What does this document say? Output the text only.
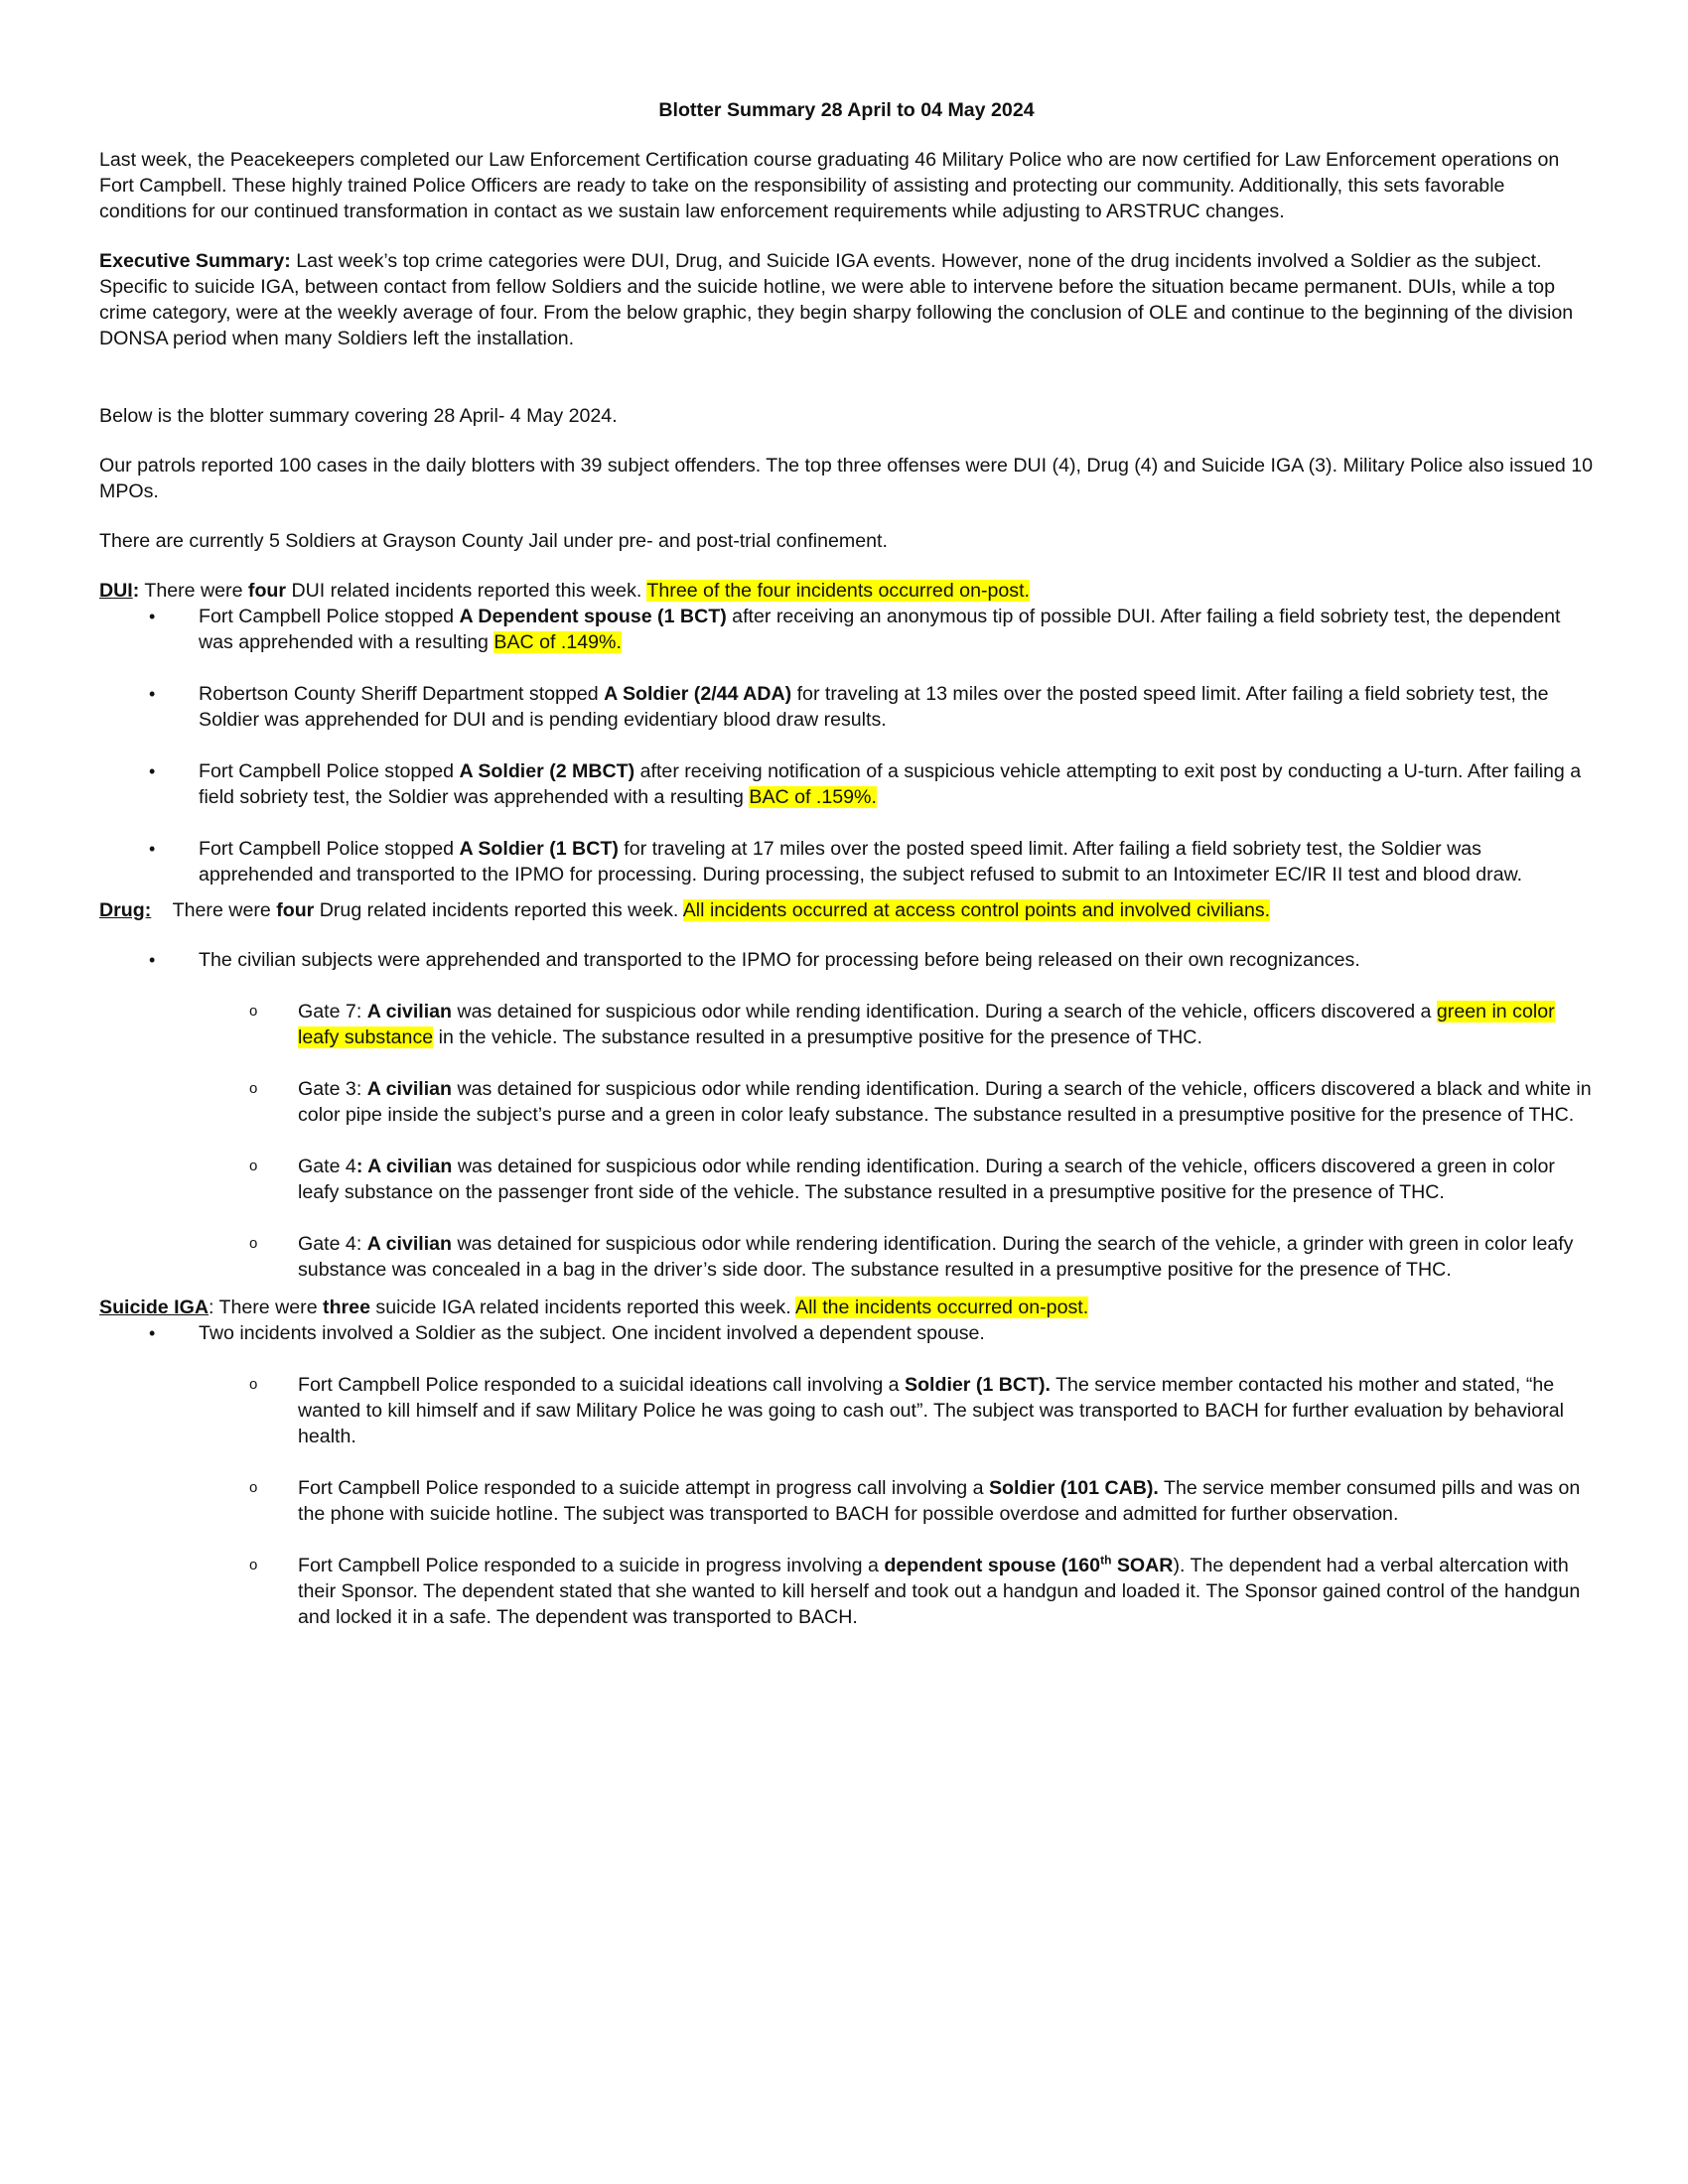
Blotter Summary 28 April to 04 May 2024

Last week, the Peacekeepers completed our Law Enforcement Certification course graduating 46 Military Police who are now certified for Law Enforcement operations on Fort Campbell. These highly trained Police Officers are ready to take on the responsibility of assisting and protecting our community. Additionally, this sets favorable conditions for our continued transformation in contact as we sustain law enforcement requirements while adjusting to ARSTRUC changes.

Executive Summary: Last week’s top crime categories were DUI, Drug, and Suicide IGA events. However, none of the drug incidents involved a Soldier as the subject. Specific to suicide IGA, between contact from fellow Soldiers and the suicide hotline, we were able to intervene before the situation became permanent. DUIs, while a top crime category, were at the weekly average of four. From the below graphic, they begin sharpy following the conclusion of OLE and continue to the beginning of the division DONSA period when many Soldiers left the installation.

Below is the blotter summary covering 28 April- 4 May 2024.

Our patrols reported 100 cases in the daily blotters with 39 subject offenders. The top three offenses were DUI (4), Drug (4) and Suicide IGA (3). Military Police also issued 10 MPOs.

There are currently 5 Soldiers at Grayson County Jail under pre- and post-trial confinement.

DUI: There were four DUI related incidents reported this week. Three of the four incidents occurred on-post.

• Fort Campbell Police stopped A Dependent spouse (1 BCT) after receiving an anonymous tip of possible DUI. After failing a field sobriety test, the dependent was apprehended with a resulting BAC of .149%.
• Robertson County Sheriff Department stopped A Soldier (2/44 ADA) for traveling at 13 miles over the posted speed limit. After failing a field sobriety test, the Soldier was apprehended for DUI and is pending evidentiary blood draw results.
• Fort Campbell Police stopped A Soldier (2 MBCT) after receiving notification of a suspicious vehicle attempting to exit post by conducting a U-turn. After failing a field sobriety test, the Soldier was apprehended with a resulting BAC of .159%.
• Fort Campbell Police stopped A Soldier (1 BCT) for traveling at 17 miles over the posted speed limit. After failing a field sobriety test, the Soldier was apprehended and transported to the IPMO for processing. During processing, the subject refused to submit to an Intoximeter EC/IR II test and blood draw.

Drug:    There were four Drug related incidents reported this week. All incidents occurred at access control points and involved civilians.

• The civilian subjects were apprehended and transported to the IPMO for processing before being released on their own recognizances.
o Gate 7: A civilian was detained for suspicious odor while rending identification. During a search of the vehicle, officers discovered a green in color leafy substance in the vehicle. The substance resulted in a presumptive positive for the presence of THC.
o Gate 3: A civilian was detained for suspicious odor while rending identification. During a search of the vehicle, officers discovered a black and white in color pipe inside the subject’s purse and a green in color leafy substance. The substance resulted in a presumptive positive for the presence of THC.
o Gate 4: A civilian was detained for suspicious odor while rending identification. During a search of the vehicle, officers discovered a green in color leafy substance on the passenger front side of the vehicle. The substance resulted in a presumptive positive for the presence of THC.
o Gate 4: A civilian was detained for suspicious odor while rendering identification. During the search of the vehicle, a grinder with green in color leafy substance was concealed in a bag in the driver’s side door. The substance resulted in a presumptive positive for the presence of THC.

Suicide IGA: There were three suicide IGA related incidents reported this week. All the incidents occurred on-post.

• Two incidents involved a Soldier as the subject. One incident involved a dependent spouse.
o Fort Campbell Police responded to a suicidal ideations call involving a Soldier (1 BCT). The service member contacted his mother and stated, “he wanted to kill himself and if saw Military Police he was going to cash out”. The subject was transported to BACH for further evaluation by behavioral health.
o Fort Campbell Police responded to a suicide attempt in progress call involving a Soldier (101 CAB). The service member consumed pills and was on the phone with suicide hotline. The subject was transported to BACH for possible overdose and admitted for further observation.
o Fort Campbell Police responded to a suicide in progress involving a dependent spouse (160th SOAR). The dependent had a verbal altercation with their Sponsor. The dependent stated that she wanted to kill herself and took out a handgun and loaded it. The Sponsor gained control of the handgun and locked it in a safe. The dependent was transported to BACH.
